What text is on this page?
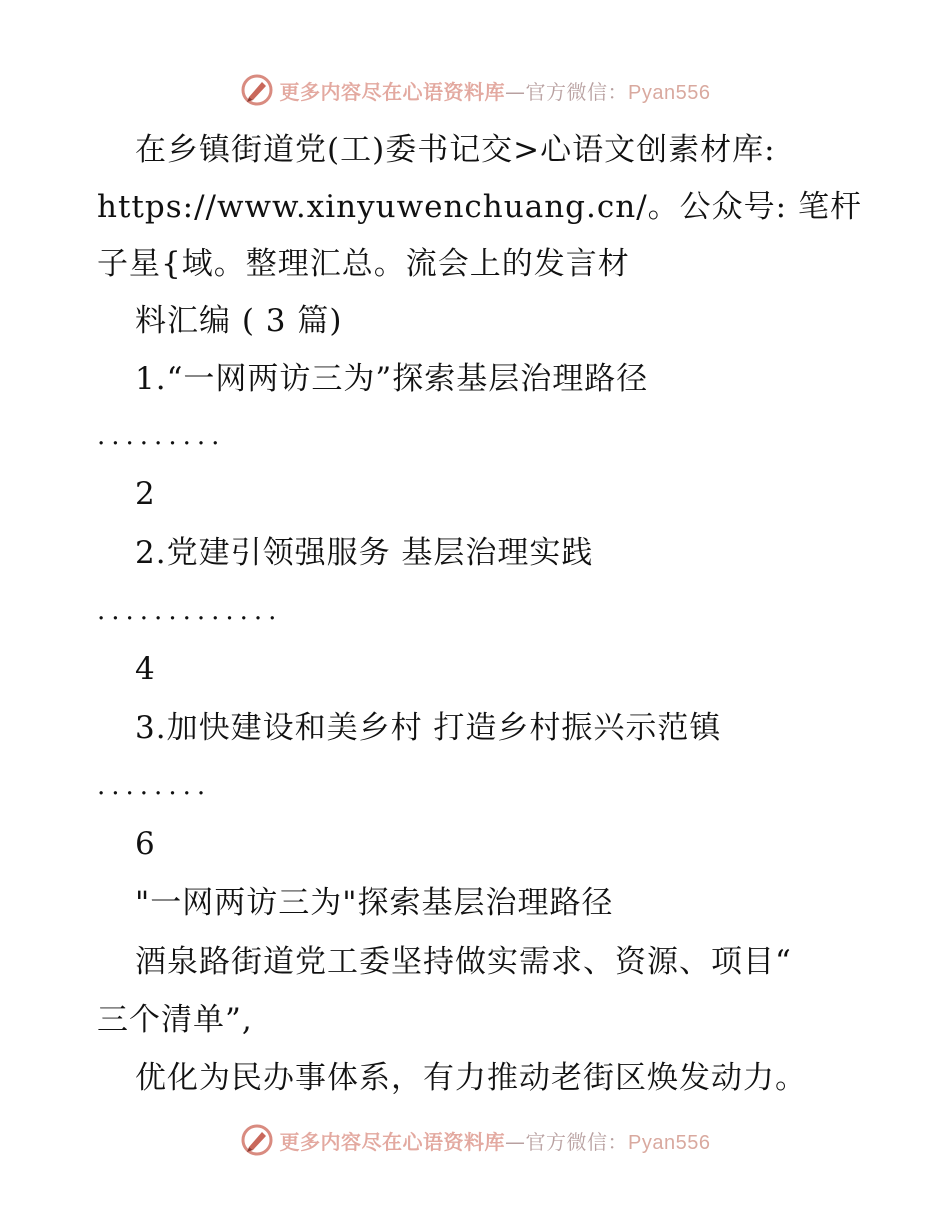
更多内容尽在心语资料库—官方微信：Pyan556
在乡镇街道党(工)委书记交>心语文创素材库:
https://www.xinyuwenchuang.cn/。公众号: 笔杆
子星{域。整理汇总。流会上的发言材
料汇编 ( 3 篇)
1.“一网两访三为”探索基层治理路径
.........
2
2.党建引领强服务 基层治理实践
.............
4
3.加快建设和美乡村 打造乡村振兴示范镇
........
6
"一网两访三为"探索基层治理路径
酒泉路街道党工委坚持做实需求、资源、项目“
三个清单”,
优化为民办事体系，有力推动老街区焕发动力。
更多内容尽在心语资料库—官方微信：Pyan556
